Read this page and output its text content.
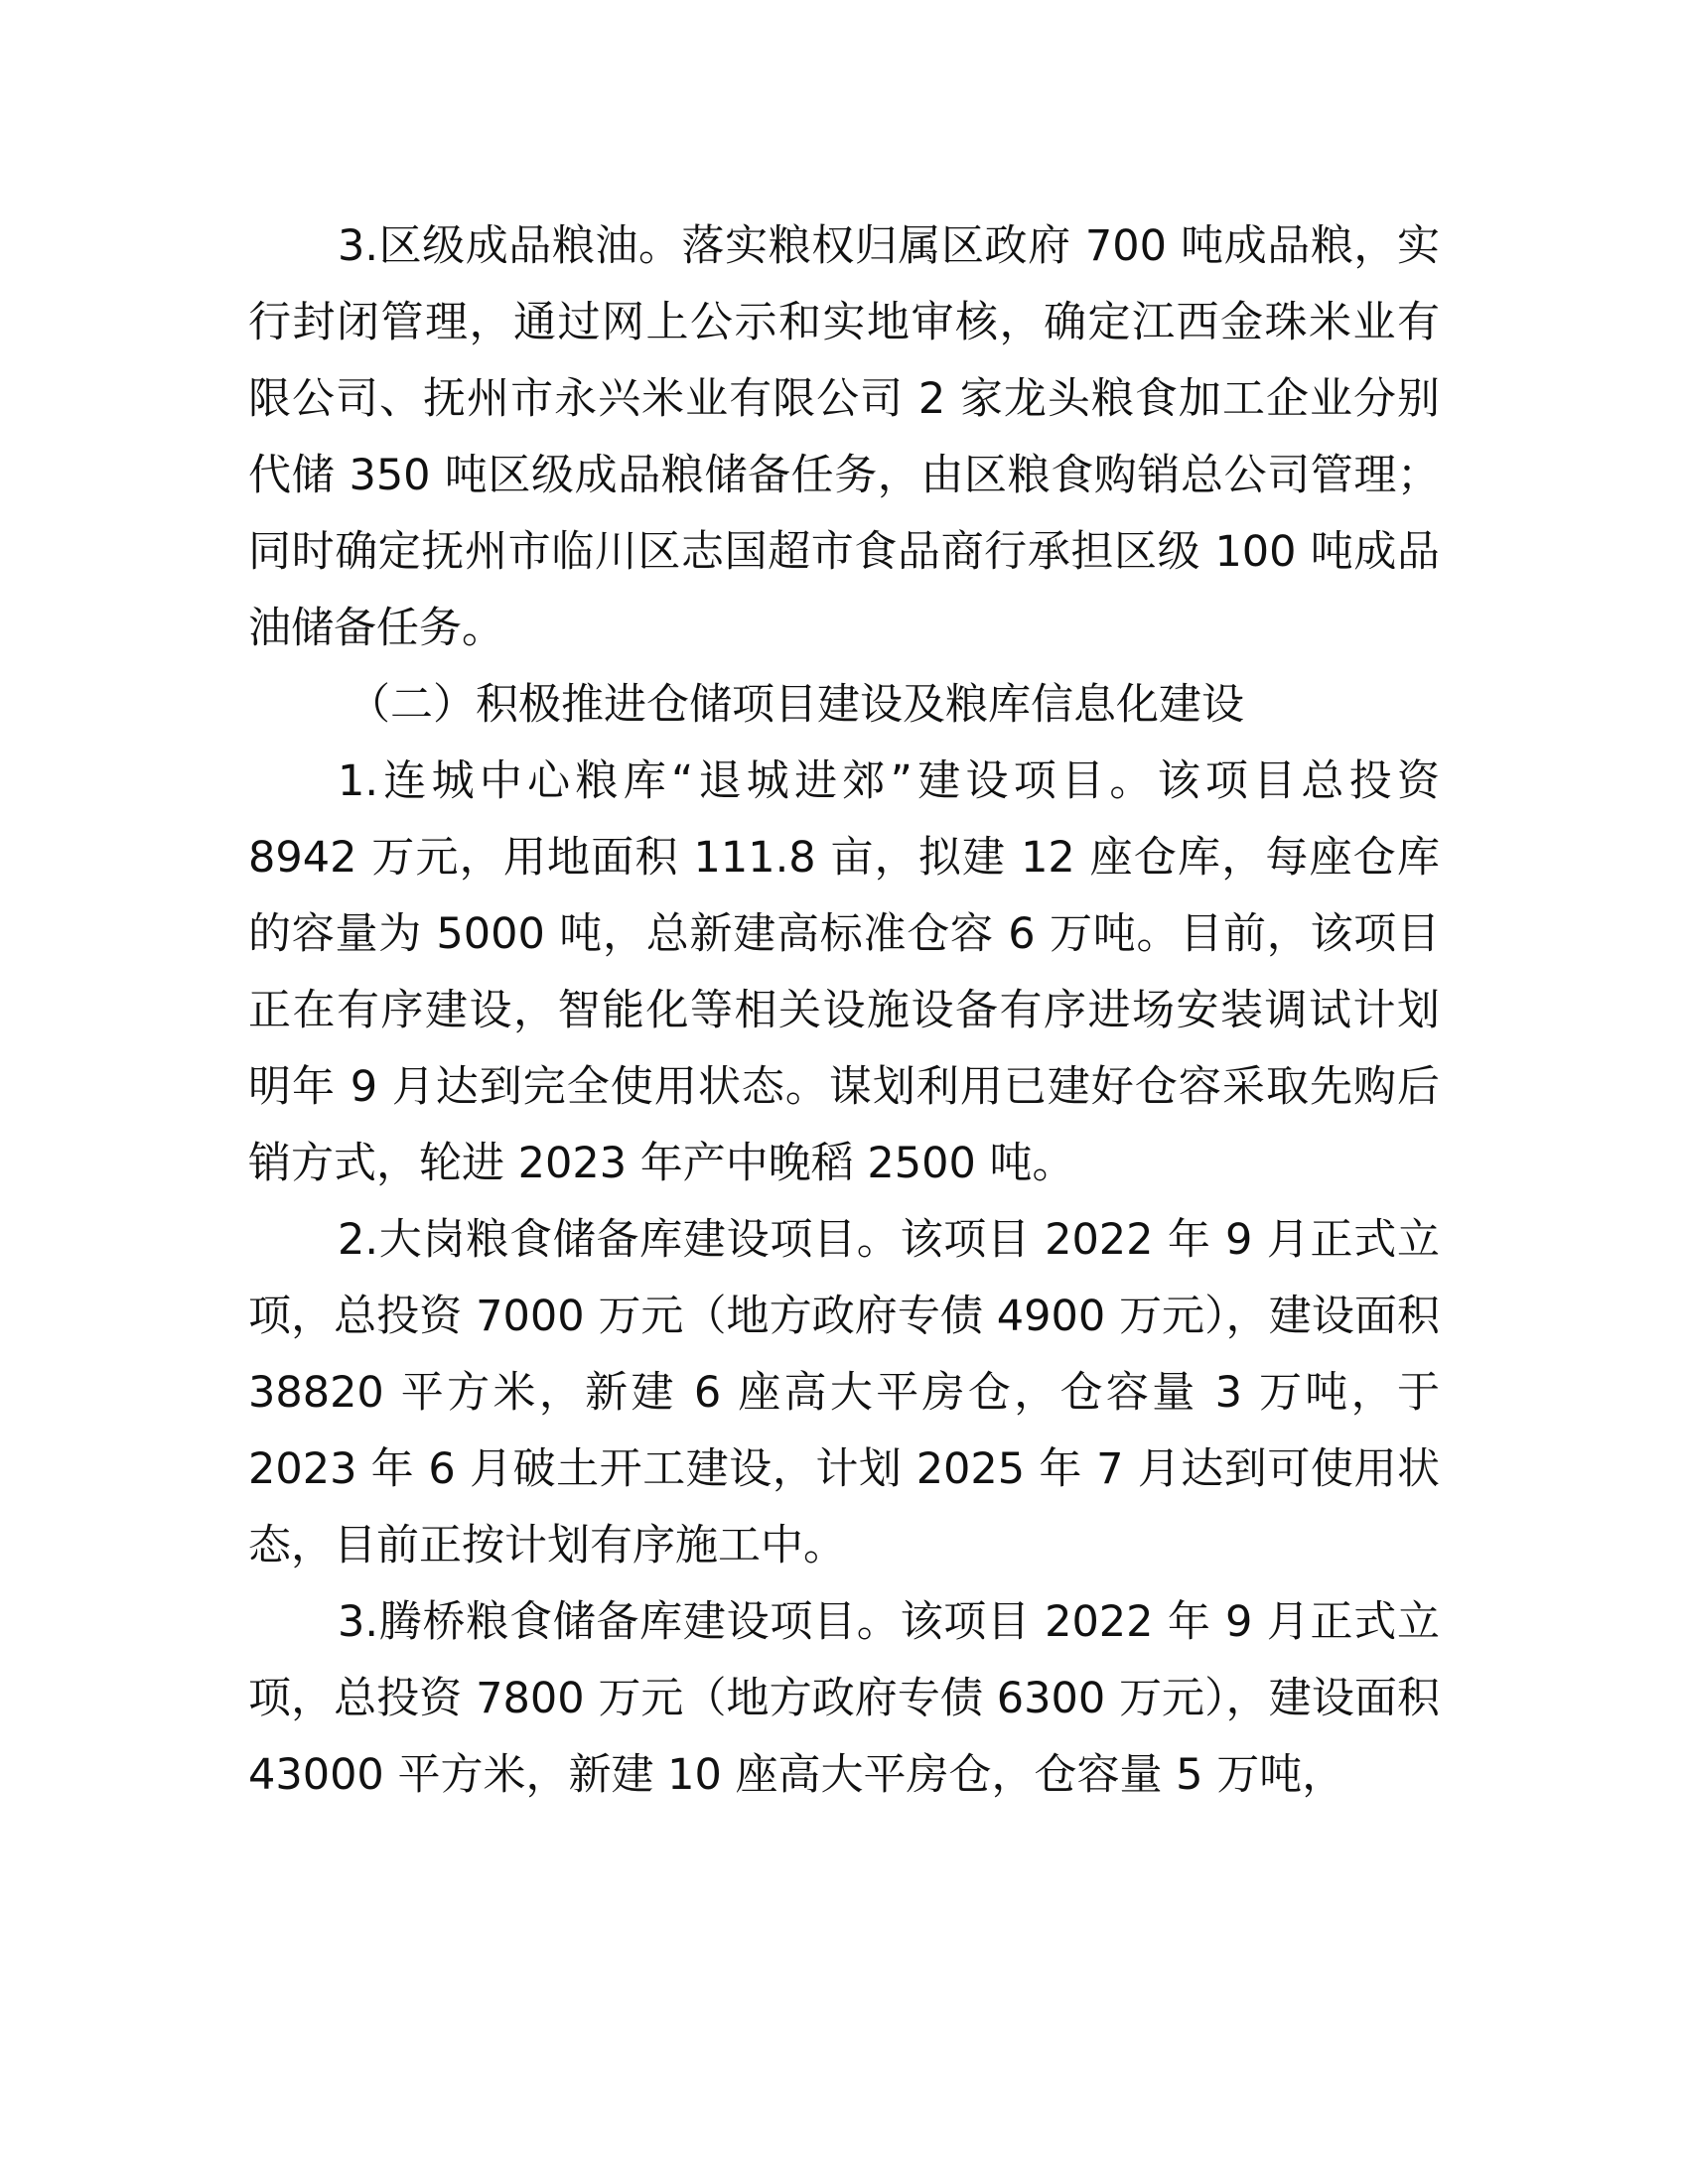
3.区级成品粮油。落实粮权归属区政府 700 吨成品粮，实行封闭管理，通过网上公示和实地审核，确定江西金珠米业有限公司、抚州市永兴米业有限公司 2 家龙头粮食加工企业分别代储 350 吨区级成品粮储备任务，由区粮食购销总公司管理；同时确定抚州市临川区志国超市食品商行承担区级 100 吨成品油储备任务。

（二）积极推进仓储项目建设及粮库信息化建设

1.连城中心粮库“退城进郊”建设项目。该项目总投资 8942 万元，用地面积 111.8 亩，拟建 12 座仓库，每座仓库的容量为 5000 吨，总新建高标准仓容 6 万吨。目前，该项目正在有序建设，智能化等相关设施设备有序进场安装调试计划明年 9 月达到完全使用状态。谋划利用已建好仓容采取先购后销方式，轮进 2023 年产中晚稻 2500 吨。

2.大岗粮食储备库建设项目。该项目 2022 年 9 月正式立项，总投资 7000 万元（地方政府专债 4900 万元），建设面积 38820 平方米，新建 6 座高大平房仓，仓容量 3 万吨，于 2023 年 6 月破土开工建设，计划 2025 年 7 月达到可使用状态，目前正按计划有序施工中。

3.腾桥粮食储备库建设项目。该项目 2022 年 9 月正式立项，总投资 7800 万元（地方政府专债 6300 万元），建设面积 43000 平方米，新建 10 座高大平房仓，仓容量 5 万吨，
